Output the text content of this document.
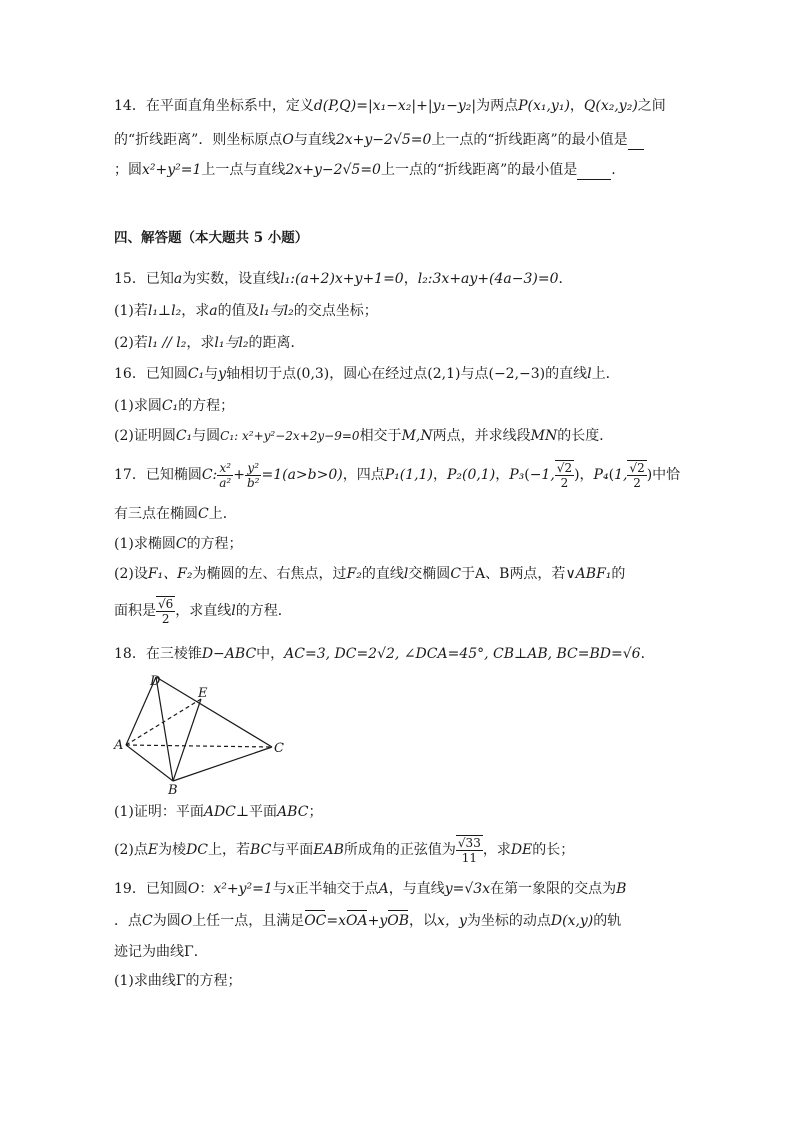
14．在平面直角坐标系中，定义d(P,Q)=|x₁−x₂|+|y₁−y₂|为两点P(x₁,y₁)，Q(x₂,y₂)之间
的“折线距离”．则坐标原点O与直线2x+y−2√5=0上一点的“折线距离”的最小值是
；圆x²+y²=1上一点与直线2x+y−2√5=0上一点的“折线距离”的最小值是 .
四、解答题（本大题共 5 小题）
15．已知a为实数，设直线l₁:(a+2)x+y+1=0，l₂:3x+ay+(4a−3)=0．
(1)若l₁⊥l₂，求a的值及l₁与l₂的交点坐标；
(2)若l₁ // l₂，求l₁与l₂的距离．
16．已知圆C₁与y轴相切于点(0,3)，圆心在经过点(2,1)与点(−2,−3)的直线l上．
(1)求圆C₁的方程；
(2)证明圆C₁与圆C₁: x²+y²−2x+2y−9=0相交于M,N两点，并求线段MN的长度．
17．已知椭圆C: $\frac{\text{x²}}{\text{a²}} + \frac{\text{y²}}{\text{b²}} =1(a>b>0)$，四点P₁(1,1)，P₂(0,1)，P₃(−1, $\frac{√2}{2}$ )，P₄(1, $\frac{√2}{2}$ )中恰
有三点在椭圆C上．
(1)求椭圆C的方程；
(2)设F₁、F₂为椭圆的左、右焦点，过F₂的直线l交椭圆C于A、B两点，若∨ABF₁的
面积是 $\frac{√6}{2}$ ，求直线l的方程．
18．在三棱锥D−ABC中，AC=3, DC=2√2, ∠DCA=45°, CB⊥AB, BC=BD=√6．
D
E
A	C
B
(1)证明：平面ADC⊥平面ABC；
(2)点E为棱DC上，若BC与平面EAB所成角的正弦值为 $\frac{√33}{11}$ ，求DE的长；
19．已知圆O：x²+y²=1与x正半轴交于点A，与直线y=√3x在第一象限的交点为B
．点C为圆O上任一点，且满足OC=xOA+yOB，以x，y为坐标的动点D(x,y)的轨
迹记为曲线Γ．
(1)求曲线Γ的方程；
